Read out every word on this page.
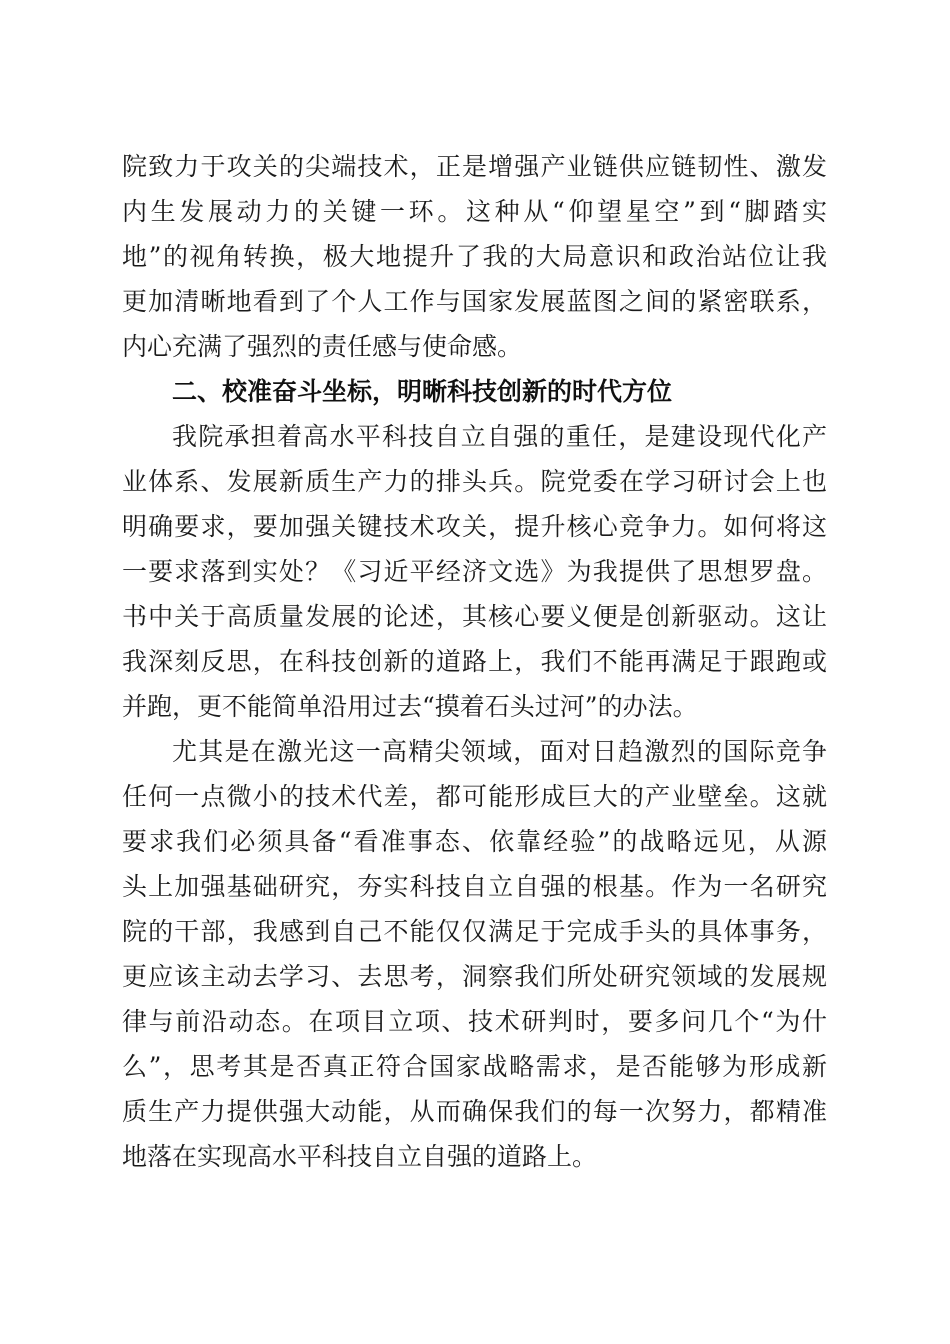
院致力于攻关的尖端技术，正是增强产业链供应链韧性、激发
内生发展动力的关键一环。这种从“仰望星空”到“脚踏实
地”的视角转换，极大地提升了我的大局意识和政治站位让我
更加清晰地看到了个人工作与国家发展蓝图之间的紧密联系，
内心充满了强烈的责任感与使命感。
二、校准奋斗坐标，明晰科技创新的时代方位
我院承担着高水平科技自立自强的重任，是建设现代化产
业体系、发展新质生产力的排头兵。院党委在学习研讨会上也
明确要求，要加强关键技术攻关，提升核心竞争力。如何将这
一要求落到实处？《习近平经济文选》为我提供了思想罗盘。
书中关于高质量发展的论述，其核心要义便是创新驱动。这让
我深刻反思，在科技创新的道路上，我们不能再满足于跟跑或
并跑，更不能简单沿用过去“摸着石头过河”的办法。
尤其是在激光这一高精尖领域，面对日趋激烈的国际竞争
任何一点微小的技术代差，都可能形成巨大的产业壁垒。这就
要求我们必须具备“看准事态、依靠经验”的战略远见，从源
头上加强基础研究，夯实科技自立自强的根基。作为一名研究
院的干部，我感到自己不能仅仅满足于完成手头的具体事务，
更应该主动去学习、去思考，洞察我们所处研究领域的发展规
律与前沿动态。在项目立项、技术研判时，要多问几个“为什
么”，思考其是否真正符合国家战略需求，是否能够为形成新
质生产力提供强大动能，从而确保我们的每一次努力，都精准
地落在实现高水平科技自立自强的道路上。
